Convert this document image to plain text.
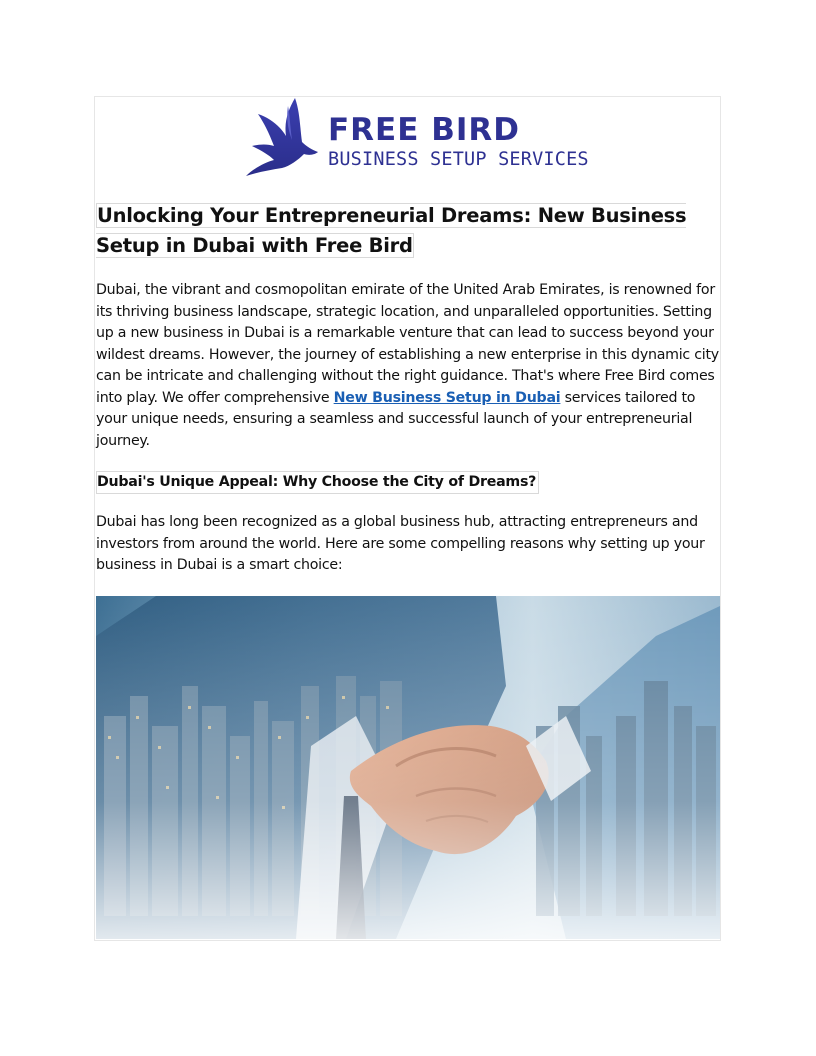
FREE BIRD
BUSINESS SETUP SERVICES
Unlocking Your Entrepreneurial Dreams: New Business Setup in Dubai with Free Bird

Dubai, the vibrant and cosmopolitan emirate of the United Arab Emirates, is renowned for its thriving business landscape, strategic location, and unparalleled opportunities. Setting up a new business in Dubai is a remarkable venture that can lead to success beyond your wildest dreams. However, the journey of establishing a new enterprise in this dynamic city can be intricate and challenging without the right guidance. That's where Free Bird comes into play. We offer comprehensive New Business Setup in Dubai services tailored to your unique needs, ensuring a seamless and successful launch of your entrepreneurial journey.

Dubai's Unique Appeal: Why Choose the City of Dreams?

Dubai has long been recognized as a global business hub, attracting entrepreneurs and investors from around the world. Here are some compelling reasons why setting up your business in Dubai is a smart choice:
